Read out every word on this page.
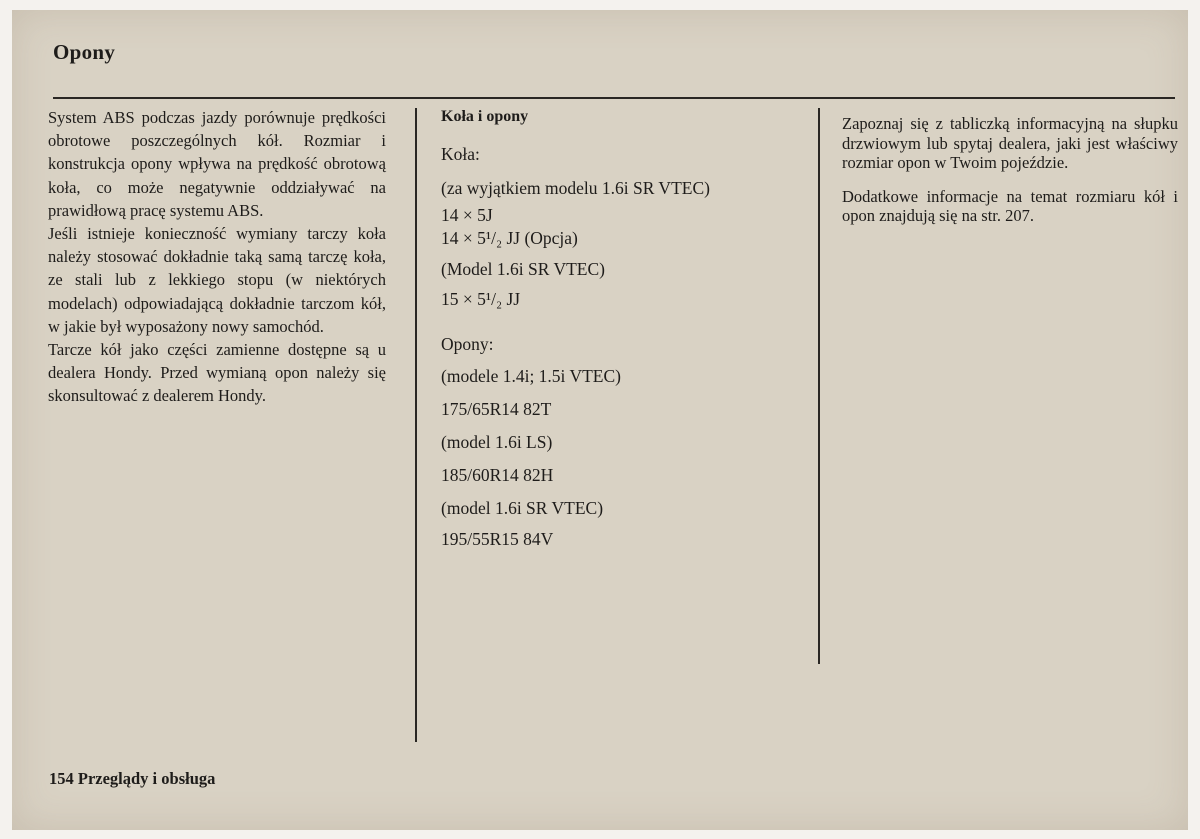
Opony

System ABS podczas jazdy porównuje prędkości obrotowe poszczególnych kół. Rozmiar i konstrukcja opony wpływa na prędkość obrotową koła, co może negatywnie oddziaływać na prawidłową pracę systemu ABS.

Jeśli istnieje konieczność wymiany tarczy koła należy stosować dokładnie taką samą tarczę koła, ze stali lub z lekkiego stopu (w niektórych modelach) odpowiadającą dokładnie tarczom kół, w jakie był wyposażony nowy samochód.

Tarcze kół jako części zamienne dostępne są u dealera Hondy. Przed wymianą opon należy się skonsultować z dealerem Hondy.

Koła i opony

Koła:

(za wyjątkiem modelu 1.6i SR VTEC)

14 × 5J

14 × 5¹/₂ JJ (Opcja)

(Model 1.6i SR VTEC)

15 × 5¹/₂ JJ

Opony:

(modele 1.4i; 1.5i VTEC)

175/65R14 82T

(model 1.6i LS)

185/60R14 82H

(model 1.6i SR VTEC)

195/55R15 84V

Zapoznaj się z tabliczką informacyjną na słupku drzwiowym lub spytaj dealera, jaki jest właściwy rozmiar opon w Twoim pojeździe.

Dodatkowe informacje na temat rozmiaru kół i opon znajdują się na str. 207.

154 Przeglądy i obsługa
